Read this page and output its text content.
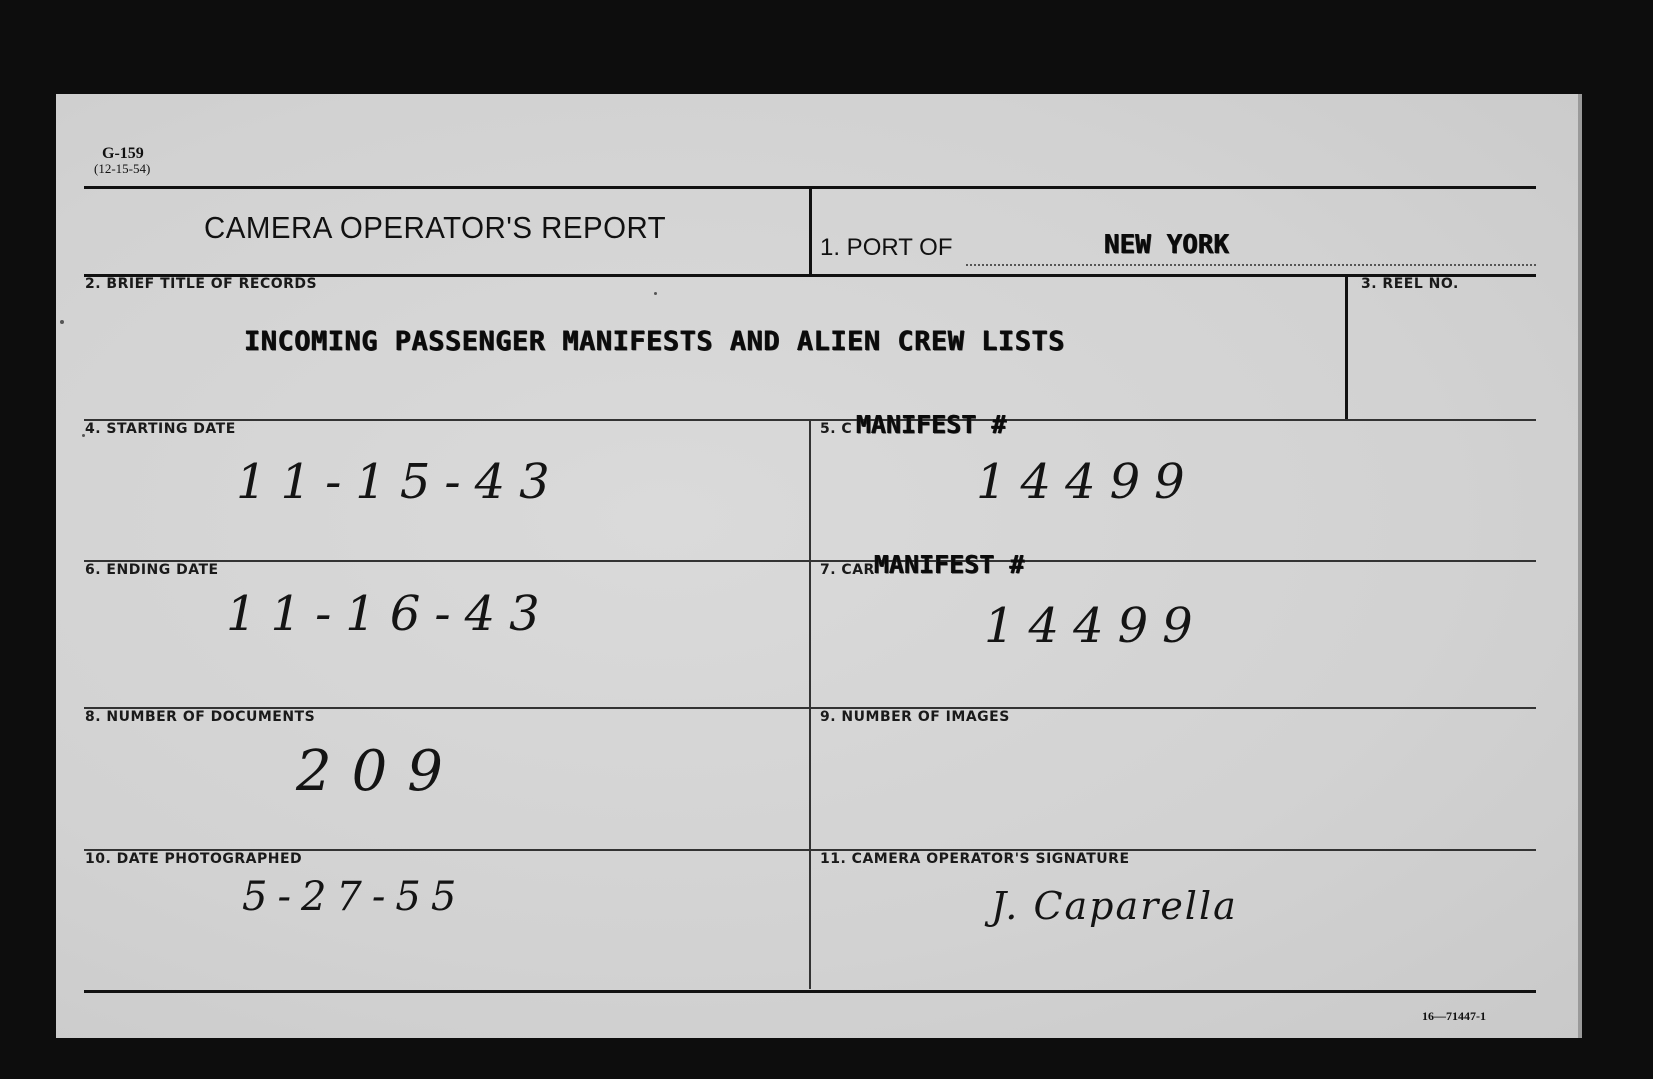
G-159
(12-15-54)
CAMERA OPERATOR'S REPORT
1. PORT OF	NEW YORK
2. BRIEF TITLE OF RECORDS
INCOMING PASSENGER MANIFESTS AND ALIEN CREW LISTS
3. REEL NO.
4. STARTING DATE
11-15-43
5. C MANIFEST #
14499
6. ENDING DATE
11-16-43
7. CAR MANIFEST #
14499
8. NUMBER OF DOCUMENTS
209
9. NUMBER OF IMAGES
10. DATE PHOTOGRAPHED
5-27-55
11. CAMERA OPERATOR'S SIGNATURE
J. Caparella
16—71447-1
